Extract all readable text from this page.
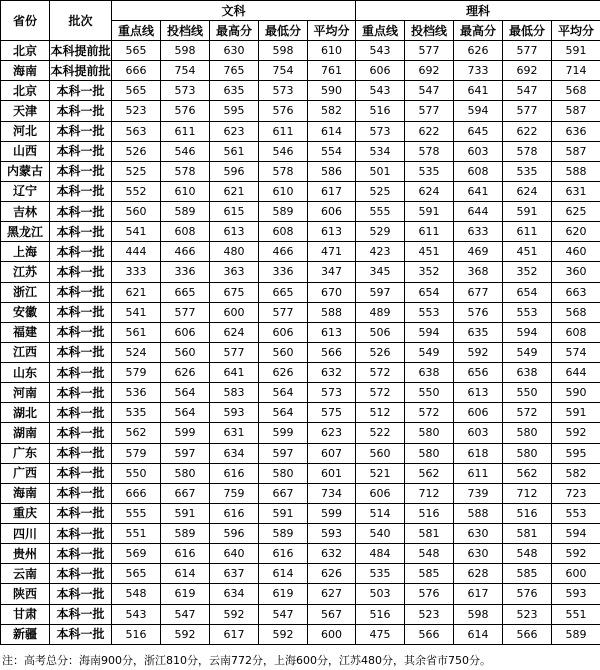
省份	批次	文科					理科				
		重点线	投档线	最高分	最低分	平均分	重点线	投档线	最高分	最低分	平均分
北京	本科提前批	565	598	630	598	610	543	577	626	577	591
海南	本科提前批	666	754	765	754	761	606	692	733	692	714
北京	本科一批	565	573	635	573	590	543	547	641	547	568
天津	本科一批	523	576	595	576	582	516	577	594	577	587
河北	本科一批	563	611	623	611	614	573	622	645	622	636
山西	本科一批	526	546	561	546	554	534	578	603	578	587
内蒙古	本科一批	525	578	596	578	586	501	535	608	535	588
辽宁	本科一批	552	610	621	610	617	525	624	641	624	631
吉林	本科一批	560	589	615	589	606	555	591	644	591	625
黑龙江	本科一批	541	608	613	608	613	529	611	633	611	620
上海	本科一批	444	466	480	466	471	423	451	469	451	460
江苏	本科一批	333	336	363	336	347	345	352	368	352	360
浙江	本科一批	621	665	675	665	670	597	654	677	654	663
安徽	本科一批	541	577	600	577	588	489	553	576	553	568
福建	本科一批	561	606	624	606	613	506	594	635	594	608
江西	本科一批	524	560	577	560	566	526	549	592	549	574
山东	本科一批	579	626	641	626	632	572	638	656	638	644
河南	本科一批	536	564	583	564	573	572	550	613	550	590
湖北	本科一批	535	564	593	564	575	512	572	606	572	591
湖南	本科一批	562	599	631	599	623	522	580	603	580	592
广东	本科一批	579	597	634	597	607	560	580	618	580	595
广西	本科一批	550	580	616	580	601	521	562	611	562	582
海南	本科一批	666	667	759	667	734	606	712	739	712	723
重庆	本科一批	555	591	616	591	599	514	516	588	516	553
四川	本科一批	551	589	596	589	593	540	581	630	581	594
贵州	本科一批	569	616	640	616	632	484	548	630	548	592
云南	本科一批	565	614	637	614	626	535	585	628	585	600
陕西	本科一批	548	619	634	619	627	503	576	617	576	593
甘肃	本科一批	543	547	592	547	567	516	523	598	523	551
新疆	本科一批	516	592	617	592	600	475	566	614	566	589
注：高考总分：海南900分，浙江810分，云南772分，上海600分，江苏480分，其余省市750分。
